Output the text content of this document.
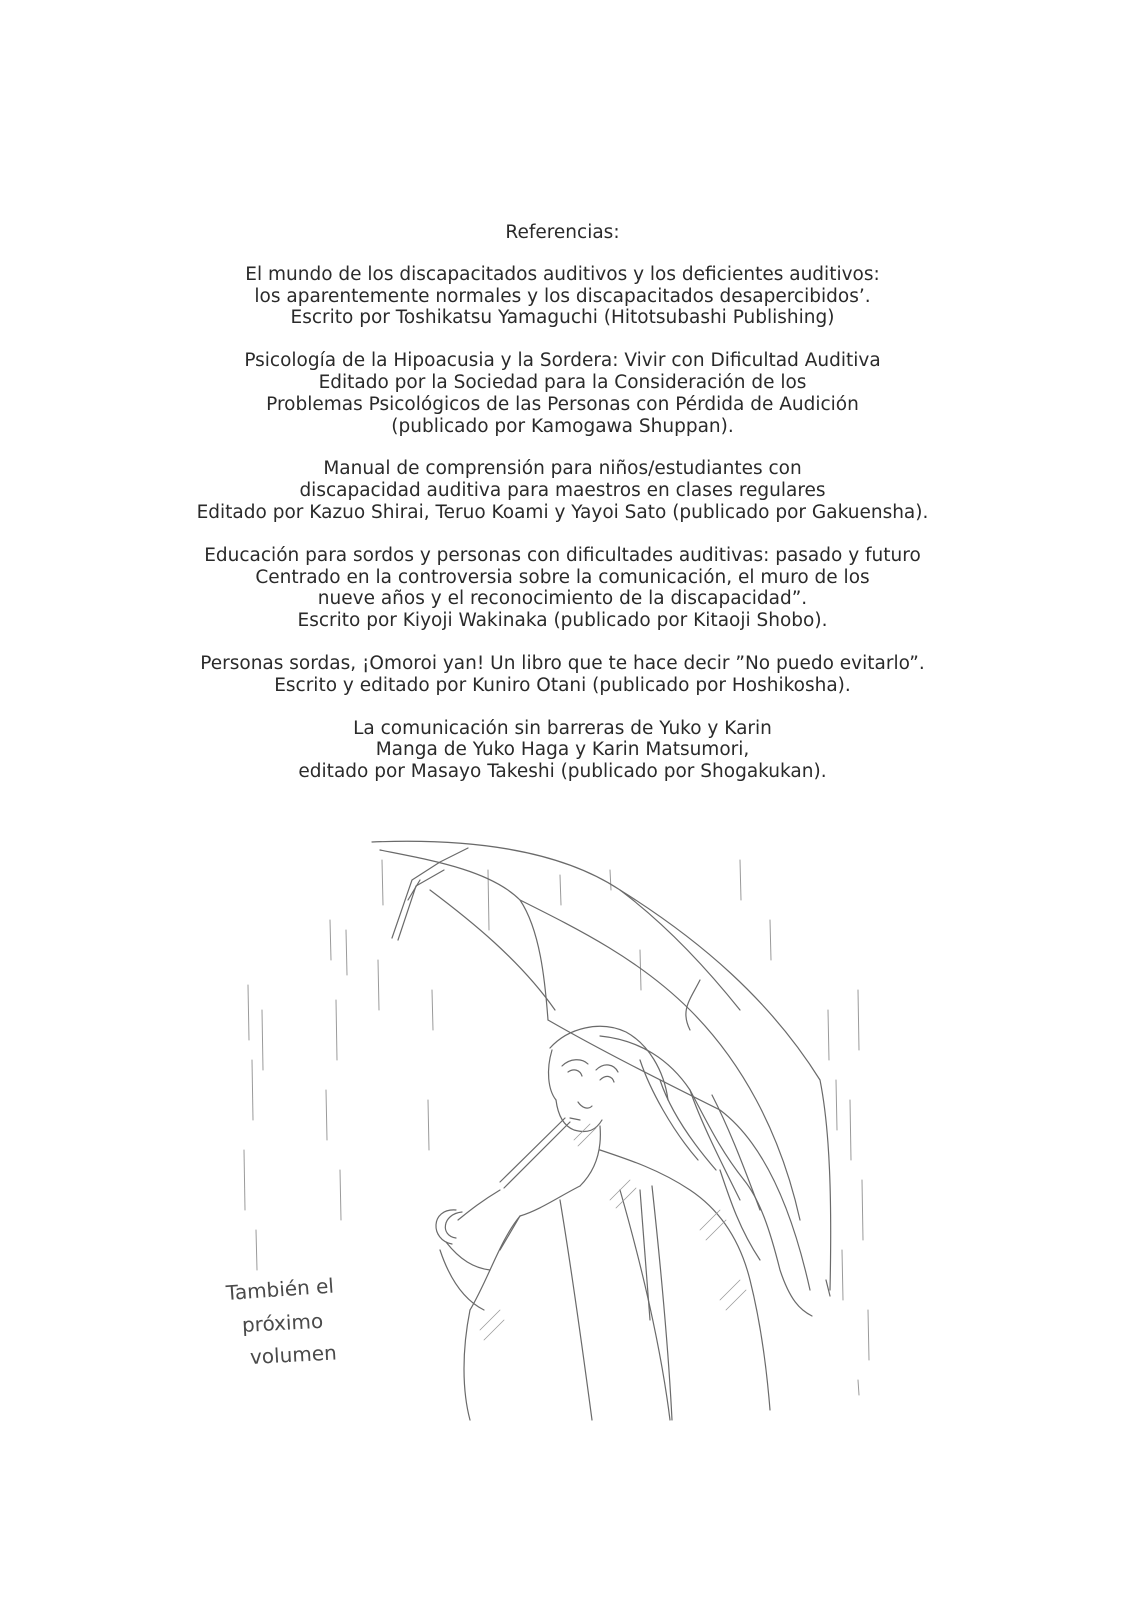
Referencias:
El mundo de los discapacitados auditivos y los deficientes auditivos:
los aparentemente normales y los discapacitados desapercibidos’.
Escrito por Toshikatsu Yamaguchi (Hitotsubashi Publishing)
Psicología de la Hipoacusia y la Sordera: Vivir con Dificultad Auditiva
Editado por la Sociedad para la Consideración de los
Problemas Psicológicos de las Personas con Pérdida de Audición
(publicado por Kamogawa Shuppan).
Manual de comprensión para niños/estudiantes con
discapacidad auditiva para maestros en clases regulares
Editado por Kazuo Shirai, Teruo Koami y Yayoi Sato (publicado por Gakuensha).
Educación para sordos y personas con dificultades auditivas: pasado y futuro
Centrado en la controversia sobre la comunicación, el muro de los
nueve años y el reconocimiento de la discapacidad”.
Escrito por Kiyoji Wakinaka (publicado por Kitaoji Shobo).
Personas sordas, ¡Omoroi yan! Un libro que te hace decir ”No puedo evitarlo”.
Escrito y editado por Kuniro Otani (publicado por Hoshikosha).
La comunicación sin barreras de Yuko y Karin
Manga de Yuko Haga y Karin Matsumori,
editado por Masayo Takeshi (publicado por Shogakukan).
También el
próximo
volumen
